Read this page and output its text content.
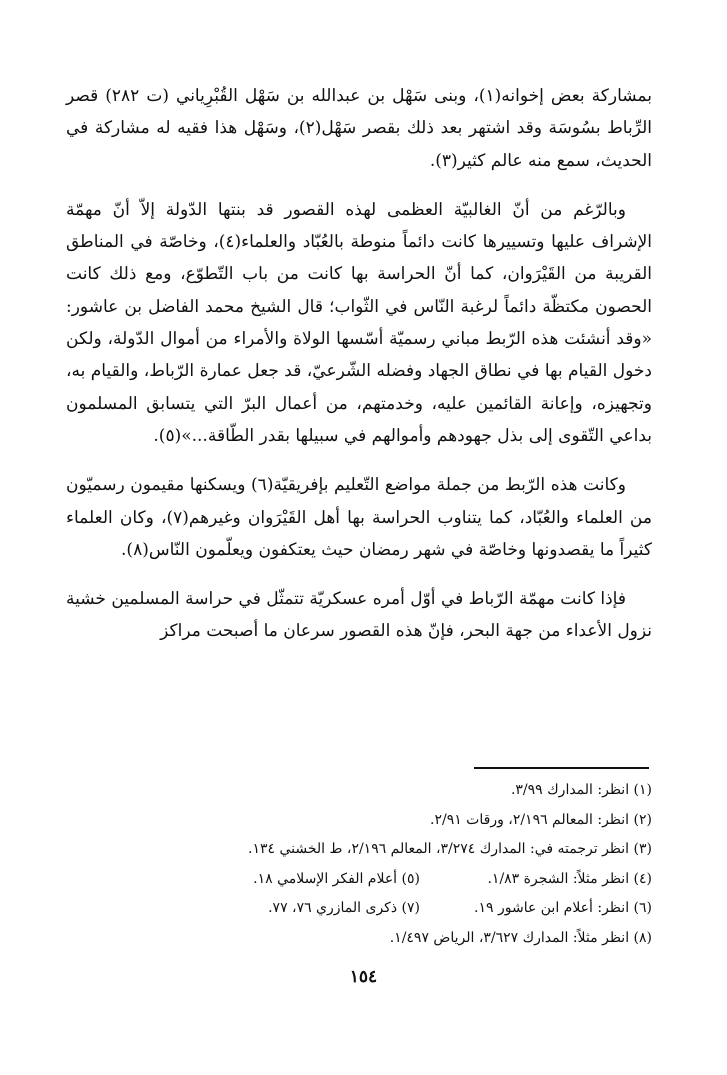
بمشاركة بعض إخوانه(١)، وبنى سَهْل بن عبدالله بن سَهْل القُبْرِياني (ت ٢٨٢) قصر الرِّباط بسُوسَة وقد اشتهر بعد ذلك بقصر سَهْل(٢)، وسَهْل هذا فقيه له مشاركة في الحديث، سمع منه عالم كثير(٣).

وبالرّغم من أنّ الغالبيّة العظمى لهذه القصور قد بنتها الدّولة إلاّ أنّ مهمّة الإشراف عليها وتسييرها كانت دائماً منوطة بالعُبّاد والعلماء(٤)، وخاصّة في المناطق القريبة من القَيْرَوان، كما أنّ الحراسة بها كانت من باب التّطوّع، ومع ذلك كانت الحصون مكتظّة دائماً لرغبة النّاس في الثّواب؛ قال الشيخ محمد الفاضل بن عاشور: «وقد أنشئت هذه الرّبط مباني رسميّة أسّسها الولاة والأمراء من أموال الدّولة، ولكن دخول القيام بها في نطاق الجهاد وفضله الشّرعيّ، قد جعل عمارة الرّباط، والقيام به، وتجهيزه، وإعانة القائمين عليه، وخدمتهم، من أعمال البرّ التي يتسابق المسلمون بداعي التّقوى إلى بذل جهودهم وأموالهم في سبيلها بقدر الطّاقة...»(٥).

وكانت هذه الرّبط من جملة مواضع التّعليم بإفريقيّة(٦) ويسكنها مقيمون رسميّون من العلماء والعُبّاد، كما يتناوب الحراسة بها أهل القَيْرَوان وغيرهم(٧)، وكان العلماء كثيراً ما يقصدونها وخاصّة في شهر رمضان حيث يعتكفون ويعلّمون النّاس(٨).

فإذا كانت مهمّة الرّباط في أوّل أمره عسكريّة تتمثّل في حراسة المسلمين خشية نزول الأعداء من جهة البحر، فإنّ هذه القصور سرعان ما أصبحت مراكز

(١) انظر: المدارك ٣/٩٩.
(٢) انظر: المعالم ٢/١٩٦، ورقات ٢/٩١.
(٣) انظر ترجمته في: المدارك ٣/٢٧٤، المعالم ٢/١٩٦، ط الخشني ١٣٤.
(٤) انظر مثلاً: الشجرة ١/٨٣.
(٥) أعلام الفكر الإسلامي ١٨.
(٦) انظر: أعلام ابن عاشور ١٩.
(٧) ذكرى المازري ٧٦، ٧٧.
(٨) انظر مثلاً: المدارك ٣/٦٢٧، الرياض ١/٤٩٧.
١٥٤
